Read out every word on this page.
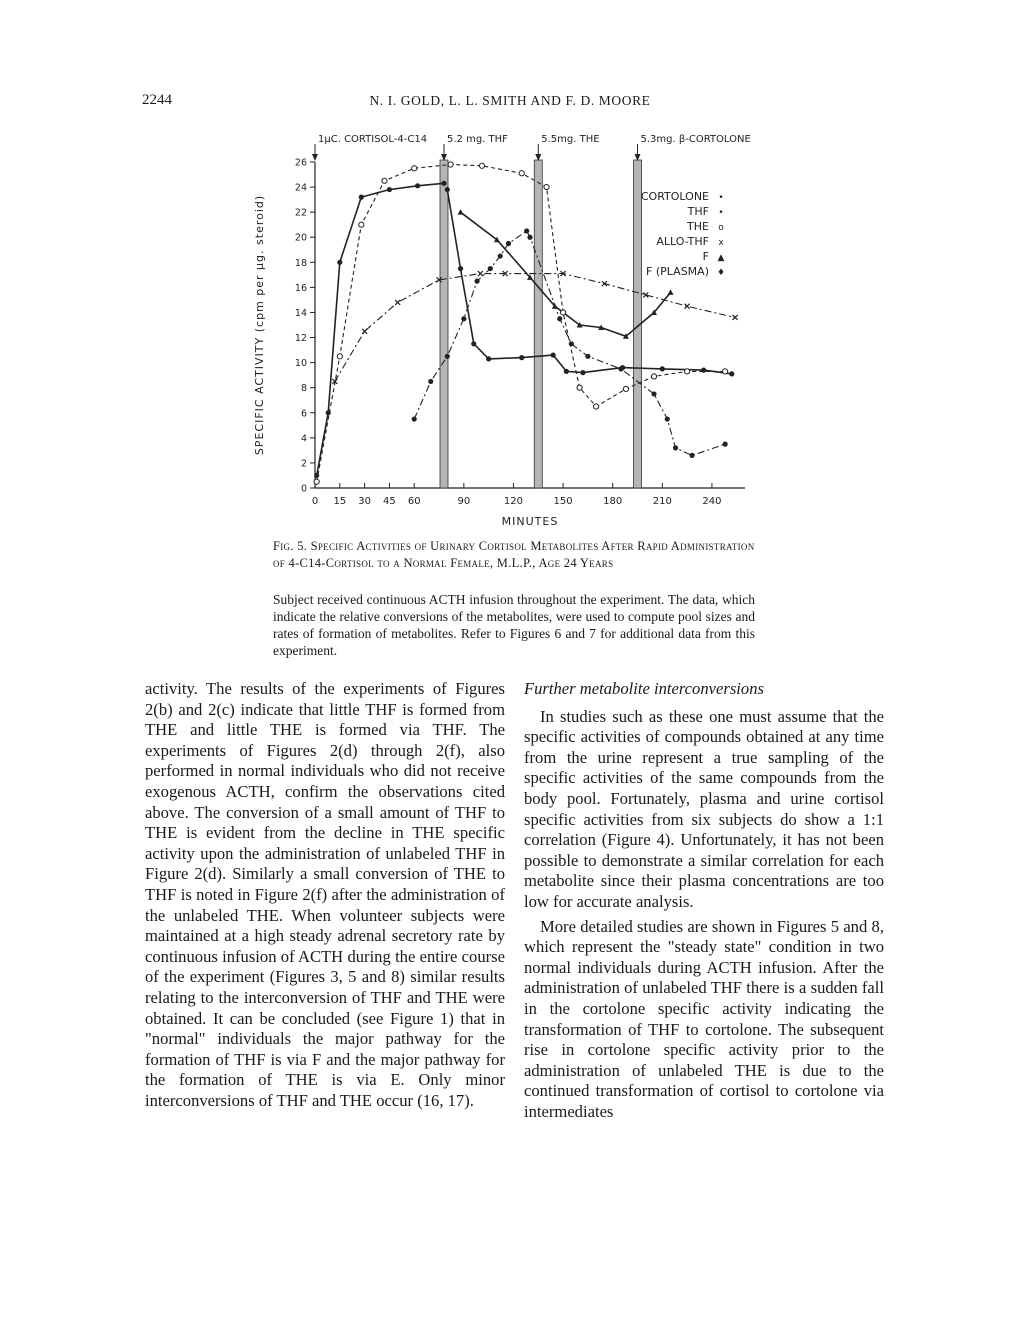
2244	N. I. GOLD, L. L. SMITH AND F. D. MOORE
0 15 30 45 60	90	120	150	180	210	240
0
2
4
6
8
10
12
14
16
18
20
22
24
26
MINUTES
SPECIFIC ACTIVITY (cpm per μg. steroid)
1μC. CORTISOL-4-C14 5.2 mg. THF	5.5mg. THE	5.3mg. β-CORTOLONE
CORTOLONE •
THF •
THE o
ALLO-THF x
F ▲
F (PLASMA) ♦
Fig. 5. Specific Activities of Urinary Cortisol Metabolites After Rapid Administration of 4-C14-Cortisol to a Normal Female, M.L.P., Age 24 Years
Subject received continuous ACTH infusion throughout the experiment. The data, which indicate the relative conversions of the metabolites, were used to compute pool sizes and rates of formation of metabolites. Refer to Figures 6 and 7 for additional data from this experiment.

activity. The results of the experiments of Figures 2(b) and 2(c) indicate that little THF is formed from THE and little THE is formed via THF. The experiments of Figures 2(d) through 2(f), also performed in normal individuals who did not receive exogenous ACTH, confirm the observations cited above. The conversion of a small amount of THF to THE is evident from the decline in THE specific activity upon the administration of unlabeled THF in Figure 2(d). Similarly a small conversion of THE to THF is noted in Figure 2(f) after the administration of the unlabeled THE. When volunteer subjects were maintained at a high steady adrenal secretory rate by continuous infusion of ACTH during the entire course of the experiment (Figures 3, 5 and 8) similar results relating to the interconversion of THF and THE were obtained. It can be concluded (see Figure 1) that in "normal" individuals the major pathway for the formation of THF is via F and the major pathway for the formation of THE is via E. Only minor interconversions of THF and THE occur (16, 17).

Further metabolite interconversions

In studies such as these one must assume that the specific activities of compounds obtained at any time from the urine represent a true sampling of the specific activities of the same compounds from the body pool. Fortunately, plasma and urine cortisol specific activities from six subjects do show a 1:1 correlation (Figure 4). Unfortunately, it has not been possible to demonstrate a similar correlation for each metabolite since their plasma concentrations are too low for accurate analysis.

More detailed studies are shown in Figures 5 and 8, which represent the "steady state" condition in two normal individuals during ACTH infusion. After the administration of unlabeled THF there is a sudden fall in the cortolone specific activity indicating the transformation of THF to cortolone. The subsequent rise in cortolone specific activity prior to the administration of unlabeled THE is due to the continued transformation of cortisol to cortolone via intermediates
